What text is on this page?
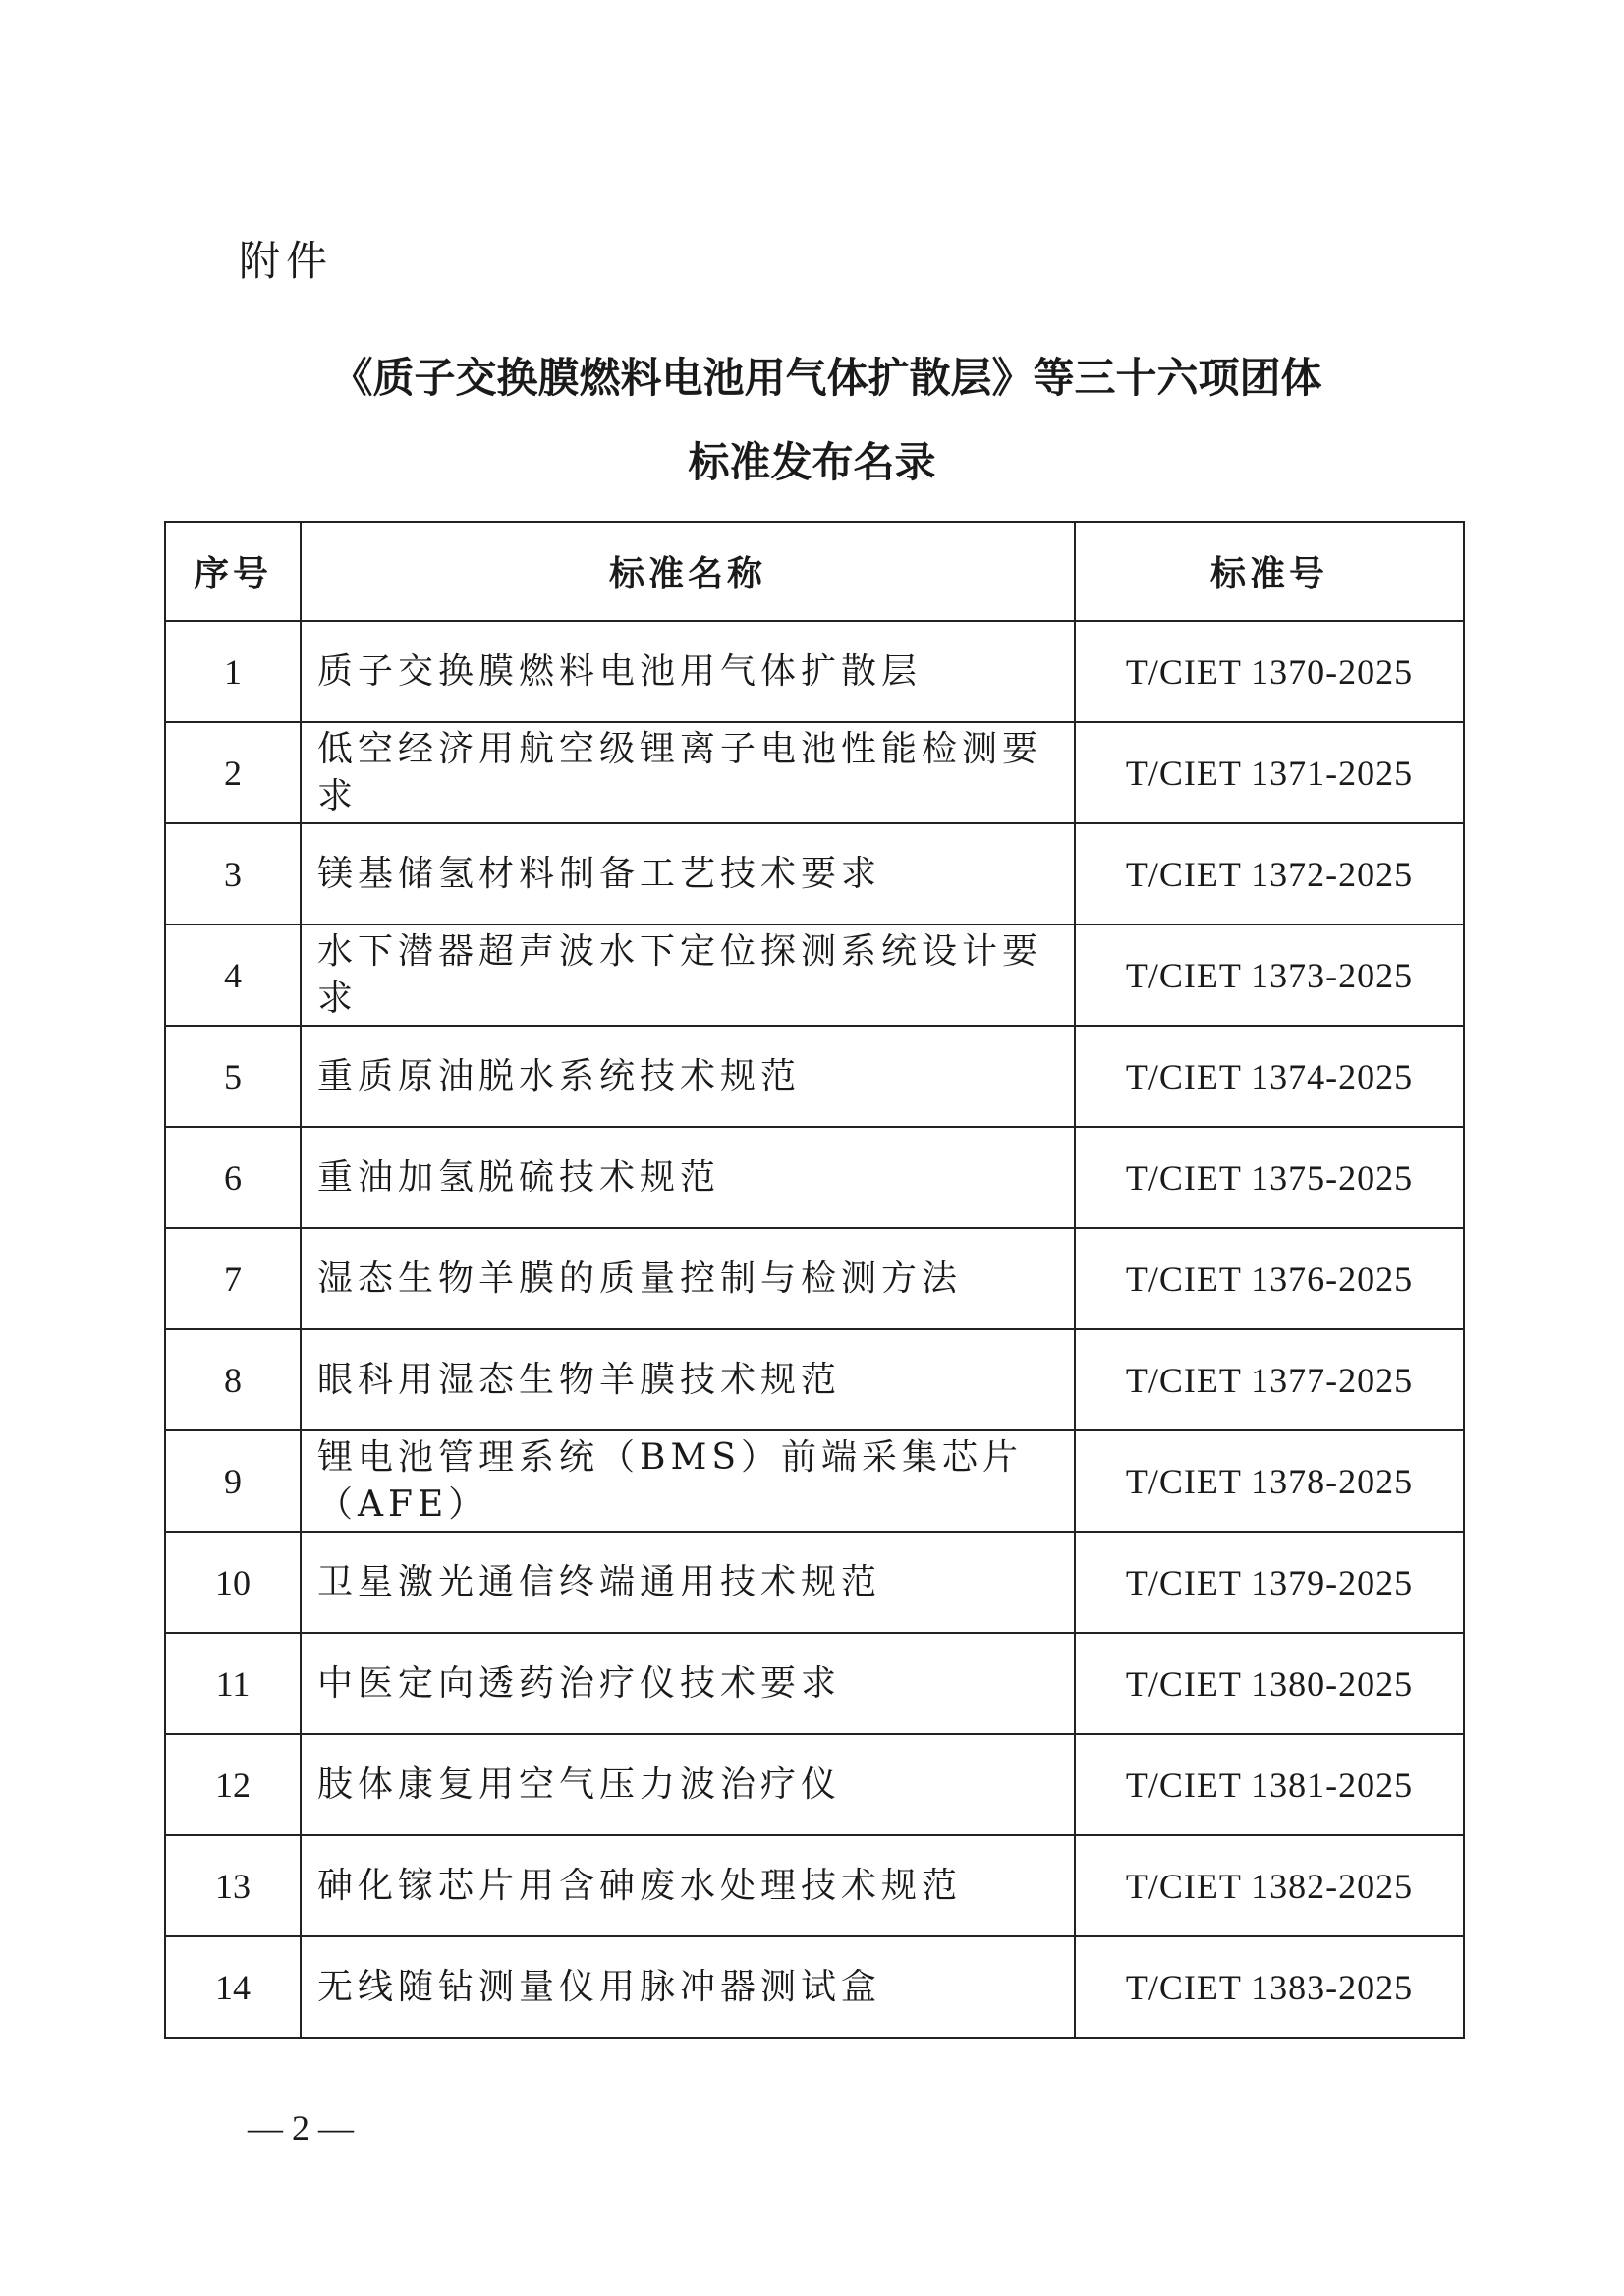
附件
《质子交换膜燃料电池用气体扩散层》等三十六项团体
标准发布名录
序号	标准名称	标准号
1	质子交换膜燃料电池用气体扩散层	T/CIET 1370-2025
2	低空经济用航空级锂离子电池性能检测要求	T/CIET 1371-2025
3	镁基储氢材料制备工艺技术要求	T/CIET 1372-2025
4	水下潜器超声波水下定位探测系统设计要求	T/CIET 1373-2025
5	重质原油脱水系统技术规范	T/CIET 1374-2025
6	重油加氢脱硫技术规范	T/CIET 1375-2025
7	湿态生物羊膜的质量控制与检测方法	T/CIET 1376-2025
8	眼科用湿态生物羊膜技术规范	T/CIET 1377-2025
9	锂电池管理系统（BMS）前端采集芯片（AFE）	T/CIET 1378-2025
10	卫星激光通信终端通用技术规范	T/CIET 1379-2025
11	中医定向透药治疗仪技术要求	T/CIET 1380-2025
12	肢体康复用空气压力波治疗仪	T/CIET 1381-2025
13	砷化镓芯片用含砷废水处理技术规范	T/CIET 1382-2025
14	无线随钻测量仪用脉冲器测试盒	T/CIET 1383-2025
— 2 —
